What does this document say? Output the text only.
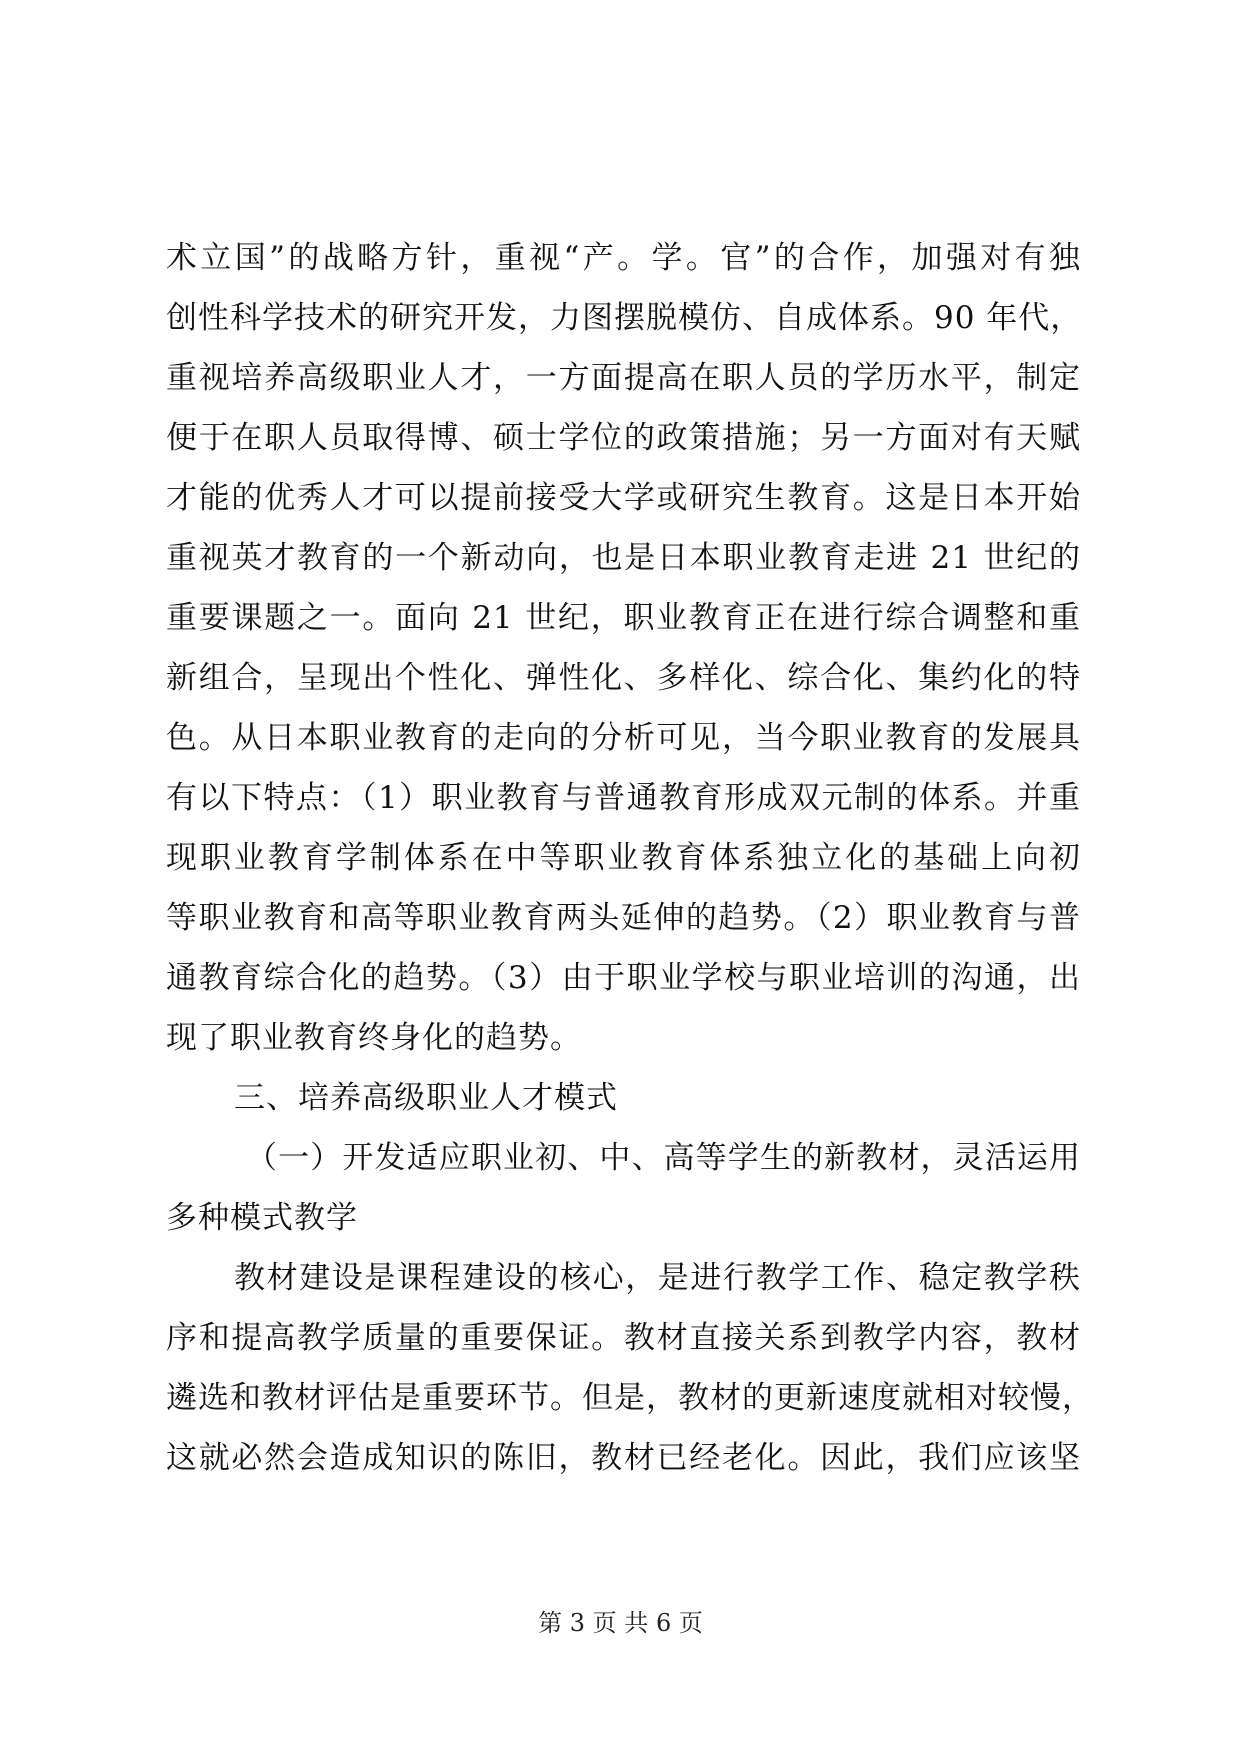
术立国”的战略方针，重视“产。学。官”的合作，加强对有独
创性科学技术的研究开发，力图摆脱模仿、自成体系。90 年代，
重视培养高级职业人才，一方面提高在职人员的学历水平，制定
便于在职人员取得博、硕士学位的政策措施；另一方面对有天赋
才能的优秀人才可以提前接受大学或研究生教育。这是日本开始
重视英才教育的一个新动向，也是日本职业教育走进 21 世纪的
重要课题之一。面向 21 世纪，职业教育正在进行综合调整和重
新组合，呈现出个性化、弹性化、多样化、综合化、集约化的特
色。从日本职业教育的走向的分析可见，当今职业教育的发展具
有以下特点：（1）职业教育与普通教育形成双元制的体系。并重
现职业教育学制体系在中等职业教育体系独立化的基础上向初
等职业教育和高等职业教育两头延伸的趋势。（2）职业教育与普
通教育综合化的趋势。（3）由于职业学校与职业培训的沟通，出
现了职业教育终身化的趋势。
三、培养高级职业人才模式
（一）开发适应职业初、中、高等学生的新教材，灵活运用
多种模式教学
教材建设是课程建设的核心，是进行教学工作、稳定教学秩
序和提高教学质量的重要保证。教材直接关系到教学内容，教材
遴选和教材评估是重要环节。但是，教材的更新速度就相对较慢，
这就必然会造成知识的陈旧，教材已经老化。因此，我们应该坚
第 3 页 共 6 页
